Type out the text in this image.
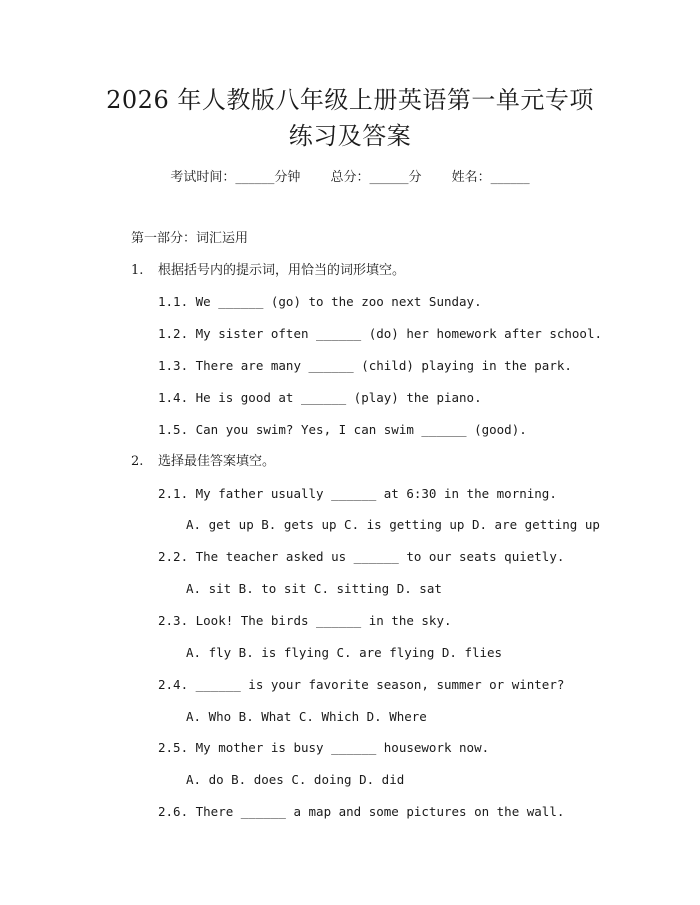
2026 年人教版八年级上册英语第一单元专项
练习及答案
考试时间：______分钟 总分：______分 姓名：______
第一部分：词汇运用
1. 根据括号内的提示词，用恰当的词形填空。
1.1. We ______ (go) to the zoo next Sunday.
1.2. My sister often ______ (do) her homework after school.
1.3. There are many ______ (child) playing in the park.
1.4. He is good at ______ (play) the piano.
1.5. Can you swim? Yes, I can swim ______ (good).
2. 选择最佳答案填空。
2.1. My father usually ______ at 6:30 in the morning.
A. get up B. gets up C. is getting up D. are getting up
2.2. The teacher asked us ______ to our seats quietly.
A. sit B. to sit C. sitting D. sat
2.3. Look! The birds ______ in the sky.
A. fly B. is flying C. are flying D. flies
2.4. ______ is your favorite season, summer or winter?
A. Who B. What C. Which D. Where
2.5. My mother is busy ______ housework now.
A. do B. does C. doing D. did
2.6. There ______ a map and some pictures on the wall.
